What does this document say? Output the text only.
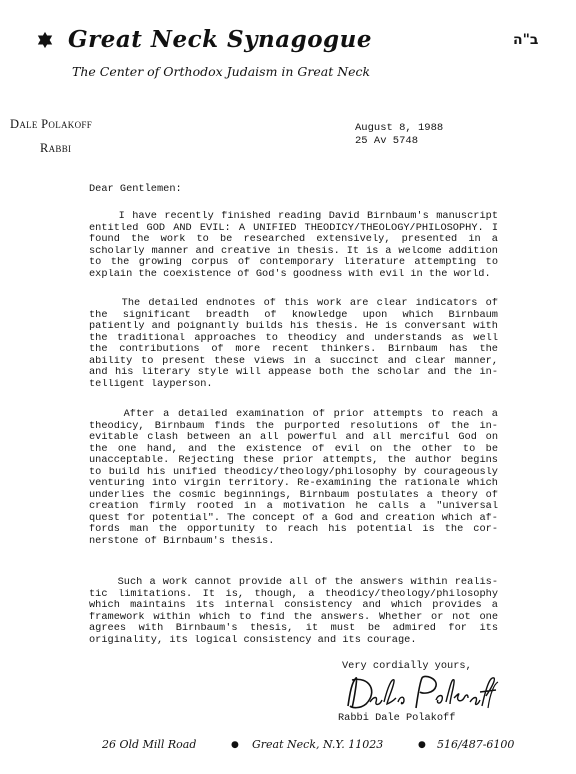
Great Neck Synagogue	ב"ה
The Center of Orthodox Judaism in Great Neck
Dale Polakoff
Rabbi
August 8, 1988
25 Av 5748
Dear Gentlemen:
I have recently finished reading David Birnbaum's manuscript
entitled GOD AND EVIL: A UNIFIED THEODICY/THEOLOGY/PHILOSOPHY. I
found the work to be researched extensively, presented in a
scholarly manner and creative in thesis. It is a welcome addition
to the growing corpus of contemporary literature attempting to
explain the coexistence of God's goodness with evil in the world.
The detailed endnotes of this work are clear indicators of
the significant breadth of knowledge upon which Birnbaum
patiently and poignantly builds his thesis. He is conversant with
the traditional approaches to theodicy and understands as well
the contributions of more recent thinkers. Birnbaum has the
ability to present these views in a succinct and clear manner,
and his literary style will appease both the scholar and the in-
telligent layperson.
After a detailed examination of prior attempts to reach a
theodicy, Birnbaum finds the purported resolutions of the in-
evitable clash between an all powerful and all merciful God on
the one hand, and the existence of evil on the other to be
unacceptable. Rejecting these prior attempts, the author begins
to build his unified theodicy/theology/philosophy by courageously
venturing into virgin territory. Re-examining the rationale which
underlies the cosmic beginnings, Birnbaum postulates a theory of
creation firmly rooted in a motivation he calls a "universal
quest for potential". The concept of a God and creation which af-
fords man the opportunity to reach his potential is the cor-
nerstone of Birnbaum's thesis.
Such a work cannot provide all of the answers within realis-
tic limitations. It is, though, a theodicy/theology/philosophy
which maintains its internal consistency and which provides a
framework within which to find the answers. Whether or not one
agrees with Birnbaum's thesis, it must be admired for its
originality, its logical consistency and its courage.
Very cordially yours,
Rabbi Dale Polakoff
26 Old Mill Road	● Great Neck, N.Y. 11023	● 516/487-6100
